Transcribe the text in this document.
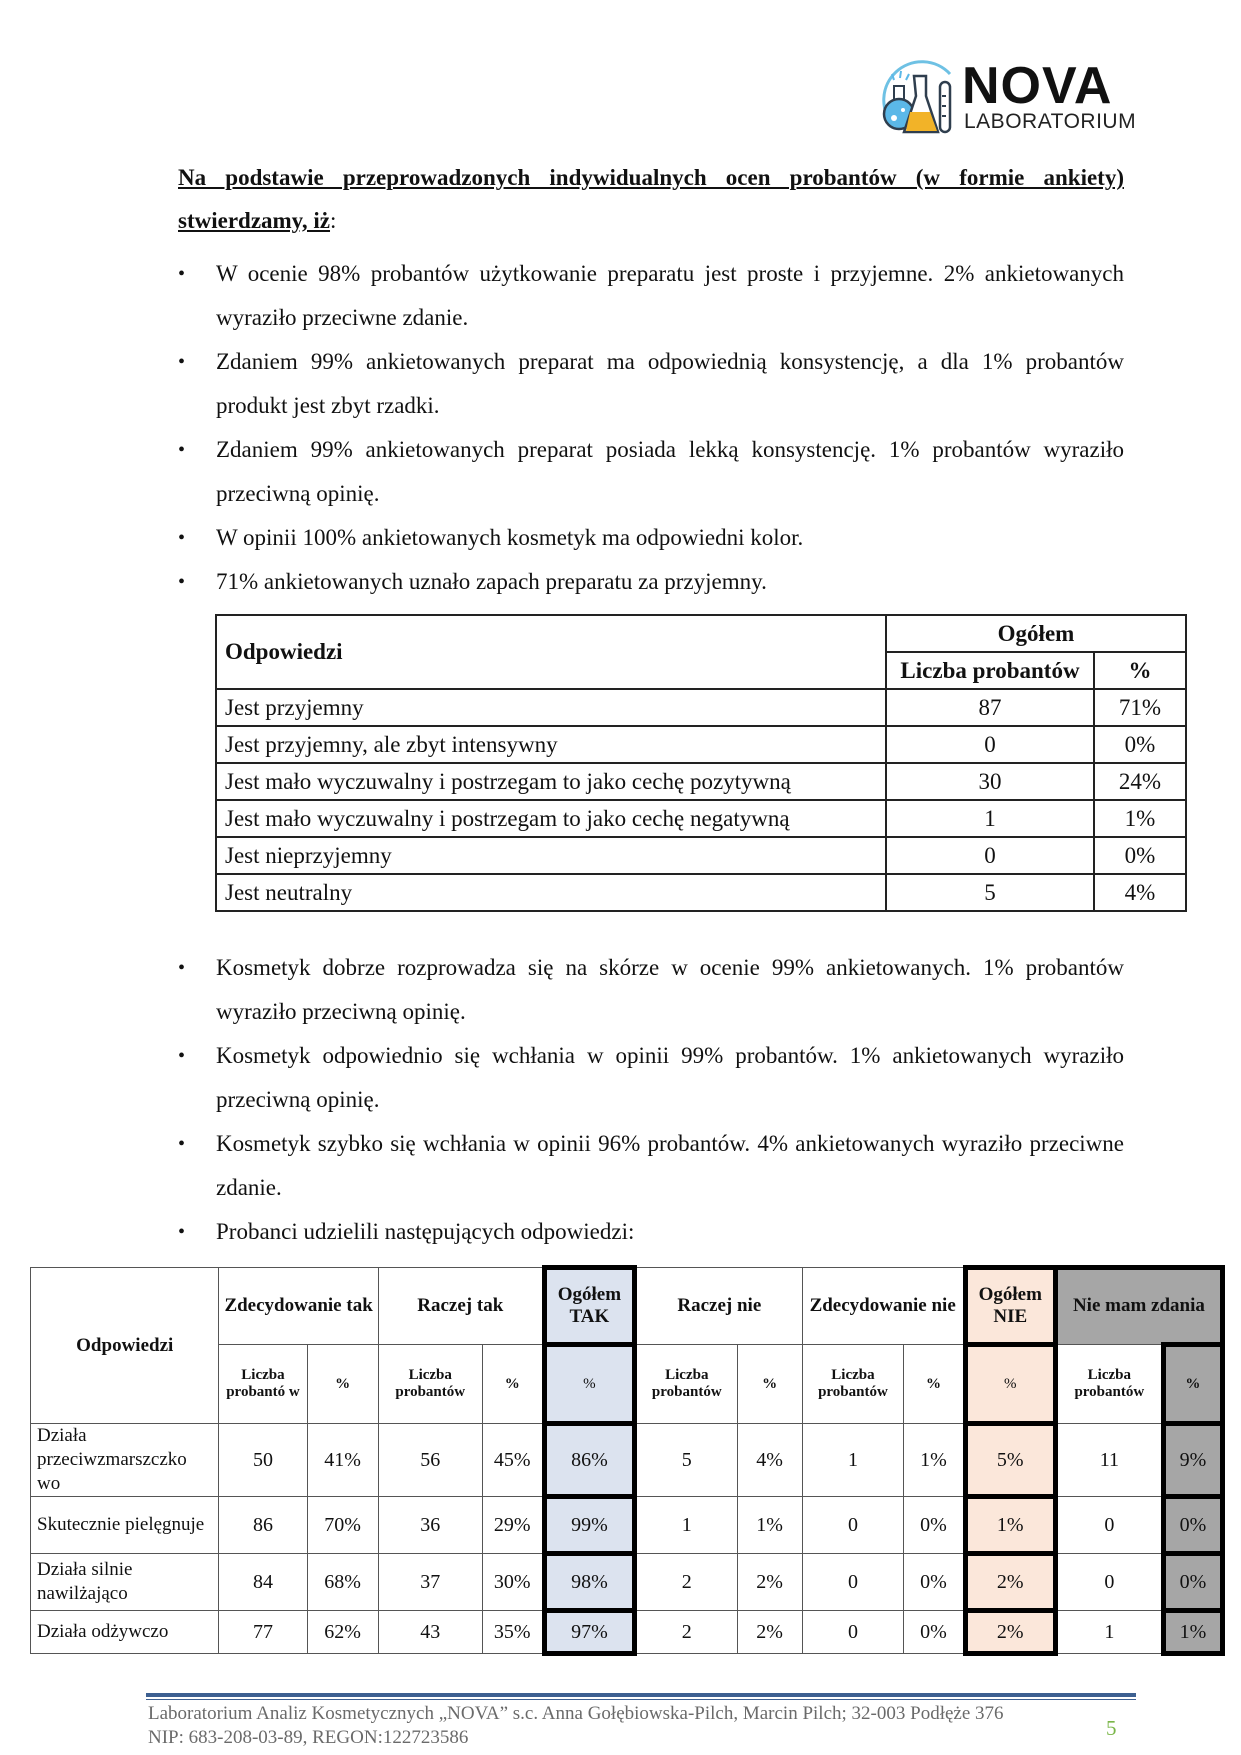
NOVA
LABORATORIUM
Na podstawie przeprowadzonych indywidualnych ocen probantów (w formie ankiety) stwierdzamy, iż:
• W ocenie 98% probantów użytkowanie preparatu jest proste i przyjemne. 2% ankietowanych wyraziło przeciwne zdanie.
• Zdaniem 99% ankietowanych preparat ma odpowiednią konsystencję, a dla 1% probantów produkt jest zbyt rzadki.
• Zdaniem 99% ankietowanych preparat posiada lekką konsystencję. 1% probantów wyraziło przeciwną opinię.
• W opinii 100% ankietowanych kosmetyk ma odpowiedni kolor.
• 71% ankietowanych uznało zapach preparatu za przyjemny.
Odpowiedzi	Ogółem	
	Liczba probantów	%
Jest przyjemny	87	71%
Jest przyjemny, ale zbyt intensywny	0	0%
Jest mało wyczuwalny i postrzegam to jako cechę pozytywną	30	24%
Jest mało wyczuwalny i postrzegam to jako cechę negatywną	1	1%
Jest nieprzyjemny	0	0%
Jest neutralny	5	4%
• Kosmetyk dobrze rozprowadza się na skórze w ocenie 99% ankietowanych. 1% probantów wyraziło przeciwną opinię.
• Kosmetyk odpowiednio się wchłania w opinii 99% probantów. 1% ankietowanych wyraziło przeciwną opinię.
• Kosmetyk szybko się wchłania w opinii 96% probantów. 4% ankietowanych wyraziło przeciwne zdanie.
• Probanci udzielili następujących odpowiedzi:
Odpowiedzi	Zdecydowanie tak		Raczej tak		Ogółem TAK	Raczej nie		Zdecydowanie nie		Ogółem NIE	Nie mam zdania	
	Liczba probantó w	%	Liczba probantów	%	%	Liczba probantów	%	Liczba probantów	%	%	Liczba probantów	%
Działa przeciwzmarszczko wo	50	41%	56	45%	86%	5	4%	1	1%	5%	11	9%
Skutecznie pielęgnuje	86	70%	36	29%	99%	1	1%	0	0%	1%	0	0%
Działa silnie nawilżająco	84	68%	37	30%	98%	2	2%	0	0%	2%	0	0%
Działa odżywczo	77	62%	43	35%	97%	2	2%	0	0%	2%	1	1%
Laboratorium Analiz Kosmetycznych „NOVA” s.c. Anna Gołębiowska-Pilch, Marcin Pilch; 32-003 Podłęże 376
NIP: 683-208-03-89, REGON:122723586	5
